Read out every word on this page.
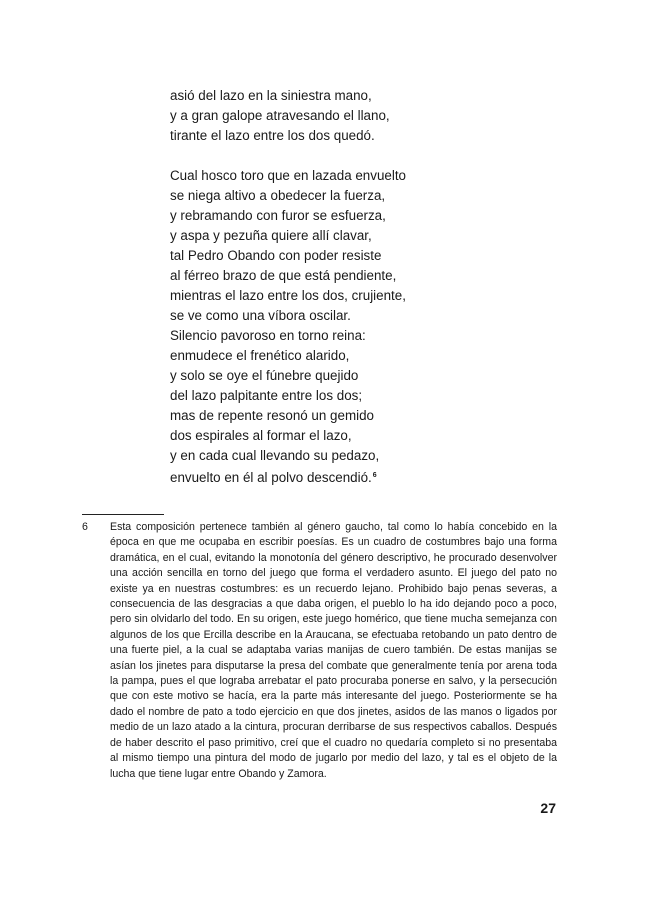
asió del lazo en la siniestra mano,
y a gran galope atravesando el llano,
tirante el lazo entre los dos quedó.
Cual hosco toro que en lazada envuelto
se niega altivo a obedecer la fuerza,
y rebramando con furor se esfuerza,
y aspa y pezuña quiere allí clavar,
tal Pedro Obando con poder resiste
al férreo brazo de que está pendiente,
mientras el lazo entre los dos, crujiente,
se ve como una víbora oscilar.
Silencio pavoroso en torno reina:
enmudece el frenético alarido,
y solo se oye el fúnebre quejido
del lazo palpitante entre los dos;
mas de repente resonó un gemido
dos espirales al formar el lazo,
y en cada cual llevando su pedazo,
envuelto en él al polvo descendió.$^6$
6 Esta composición pertenece también al género gaucho, tal como lo había concebido en la época en que me ocupaba en escribir poesías. Es un cuadro de costumbres bajo una forma dramática, en el cual, evitando la monotonía del género descriptivo, he procurado desenvolver una acción sencilla en torno del juego que forma el verdadero asunto. El juego del pato no existe ya en nuestras costumbres: es un recuerdo lejano. Prohibido bajo penas severas, a consecuencia de las desgracias a que daba origen, el pueblo lo ha ido dejando poco a poco, pero sin olvidarlo del todo. En su origen, este juego homérico, que tiene mucha semejanza con algunos de los que Ercilla describe en la Araucana, se efectuaba retobando un pato dentro de una fuerte piel, a la cual se adaptaba varias manijas de cuero también. De estas manijas se asían los jinetes para disputarse la presa del combate que generalmente tenía por arena toda la pampa, pues el que lograba arrebatar el pato procuraba ponerse en salvo, y la persecución que con este motivo se hacía, era la parte más interesante del juego. Posteriormente se ha dado el nombre de pato a todo ejercicio en que dos jinetes, asidos de las manos o ligados por medio de un lazo atado a la cintura, procuran derribarse de sus respectivos caballos. Después de haber descrito el paso primitivo, creí que el cuadro no quedaría completo si no presentaba al mismo tiempo una pintura del modo de jugarlo por medio del lazo, y tal es el objeto de la lucha que tiene lugar entre Obando y Zamora.
27
